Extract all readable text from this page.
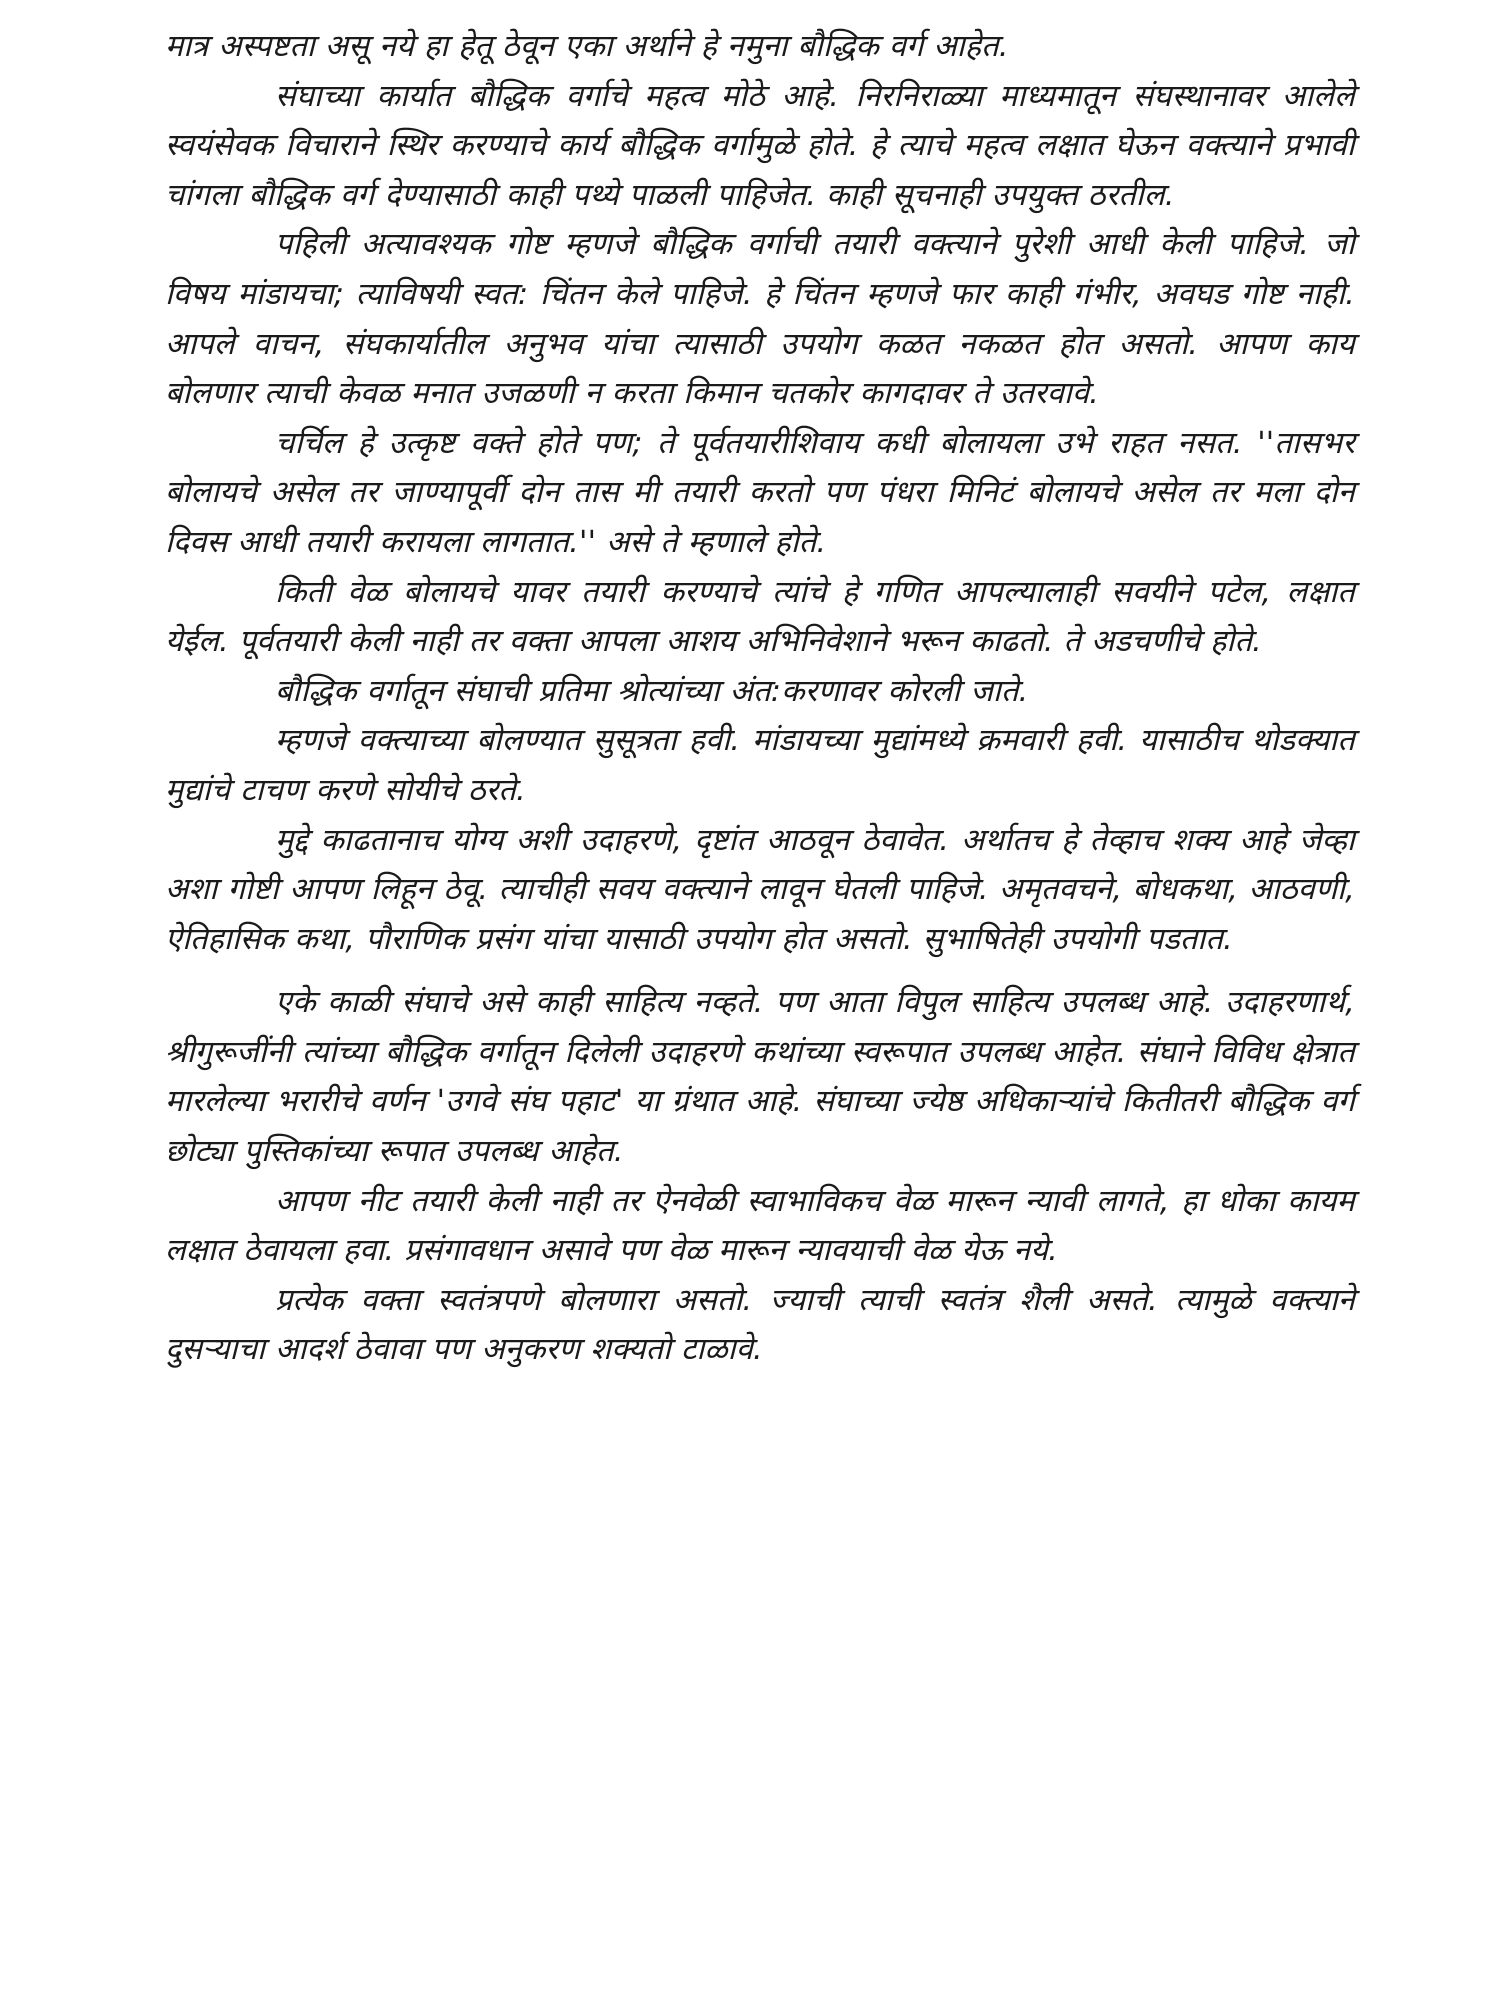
मात्र अस्पष्टता असू नये हा हेतू ठेवून एका अर्थाने हे नमुना बौद्धिक वर्ग आहेत.

संघाच्या कार्यात बौद्धिक वर्गाचे महत्व मोठे आहे. निरनिराळ्या माध्यमातून संघस्थानावर आलेले स्वयंसेवक विचाराने स्थिर करण्याचे कार्य बौद्धिक वर्गामुळे होते. हे त्याचे महत्व लक्षात घेऊन वक्त्याने प्रभावी चांगला बौद्धिक वर्ग देण्यासाठी काही पथ्ये पाळली पाहिजेत. काही सूचनाही उपयुक्त ठरतील.

पहिली अत्यावश्यक गोष्ट म्हणजे बौद्धिक वर्गाची तयारी वक्त्याने पुरेशी आधी केली पाहिजे. जो विषय मांडायचा; त्याविषयी स्वत: चिंतन केले पाहिजे. हे चिंतन म्हणजे फार काही गंभीर, अवघड गोष्ट नाही. आपले वाचन, संघकार्यातील अनुभव यांचा त्यासाठी उपयोग कळत नकळत होत असतो. आपण काय बोलणार त्याची केवळ मनात उजळणी न करता किमान चतकोर कागदावर ते उतरवावे.

चर्चिल हे उत्कृष्ट वक्ते होते पण; ते पूर्वतयारीशिवाय कधी बोलायला उभे राहत नसत. ''तासभर बोलायचे असेल तर जाण्यापूर्वी दोन तास मी तयारी करतो पण पंधरा मिनिटं बोलायचे असेल तर मला दोन दिवस आधी तयारी करायला लागतात.'' असे ते म्हणाले होते.

किती वेळ बोलायचे यावर तयारी करण्याचे त्यांचे हे गणित आपल्यालाही सवयीने पटेल, लक्षात येईल. पूर्वतयारी केली नाही तर वक्ता आपला आशय अभिनिवेशाने भरून काढतो. ते अडचणीचे होते.

बौद्धिक वर्गातून संघाची प्रतिमा श्रोत्यांच्या अंत:करणावर कोरली जाते.

म्हणजे वक्त्याच्या बोलण्यात सुसूत्रता हवी. मांडायच्या मुद्यांमध्ये क्रमवारी हवी. यासाठीच थोडक्यात मुद्यांचे टाचण करणे सोयीचे ठरते.

मुद्दे काढतानाच योग्य अशी उदाहरणे, दृष्टांत आठवून ठेवावेत. अर्थातच हे तेव्हाच शक्य आहे जेव्हा अशा गोष्टी आपण लिहून ठेवू. त्याचीही सवय वक्त्याने लावून घेतली पाहिजे. अमृतवचने, बोधकथा, आठवणी, ऐतिहासिक कथा, पौराणिक प्रसंग यांचा यासाठी उपयोग होत असतो. सुभाषितेही उपयोगी पडतात.

एके काळी संघाचे असे काही साहित्य नव्हते. पण आता विपुल साहित्य उपलब्ध आहे. उदाहरणार्थ, श्रीगुरूजींनी त्यांच्या बौद्धिक वर्गातून दिलेली उदाहरणे कथांच्या स्वरूपात उपलब्ध आहेत. संघाने विविध क्षेत्रात मारलेल्या भरारीचे वर्णन 'उगवे संघ पहाट' या ग्रंथात आहे. संघाच्या ज्येष्ठ अधिकाऱ्यांचे कितीतरी बौद्धिक वर्ग छोट्या पुस्तिकांच्या रूपात उपलब्ध आहेत.

आपण नीट तयारी केली नाही तर ऐनवेळी स्वाभाविकच वेळ मारून न्यावी लागते, हा धोका कायम लक्षात ठेवायला हवा. प्रसंगावधान असावे पण वेळ मारून न्यावयाची वेळ येऊ नये.

प्रत्येक वक्ता स्वतंत्रपणे बोलणारा असतो. ज्याची त्याची स्वतंत्र शैली असते. त्यामुळे वक्त्याने दुसऱ्याचा आदर्श ठेवावा पण अनुकरण शक्यतो टाळावे.
